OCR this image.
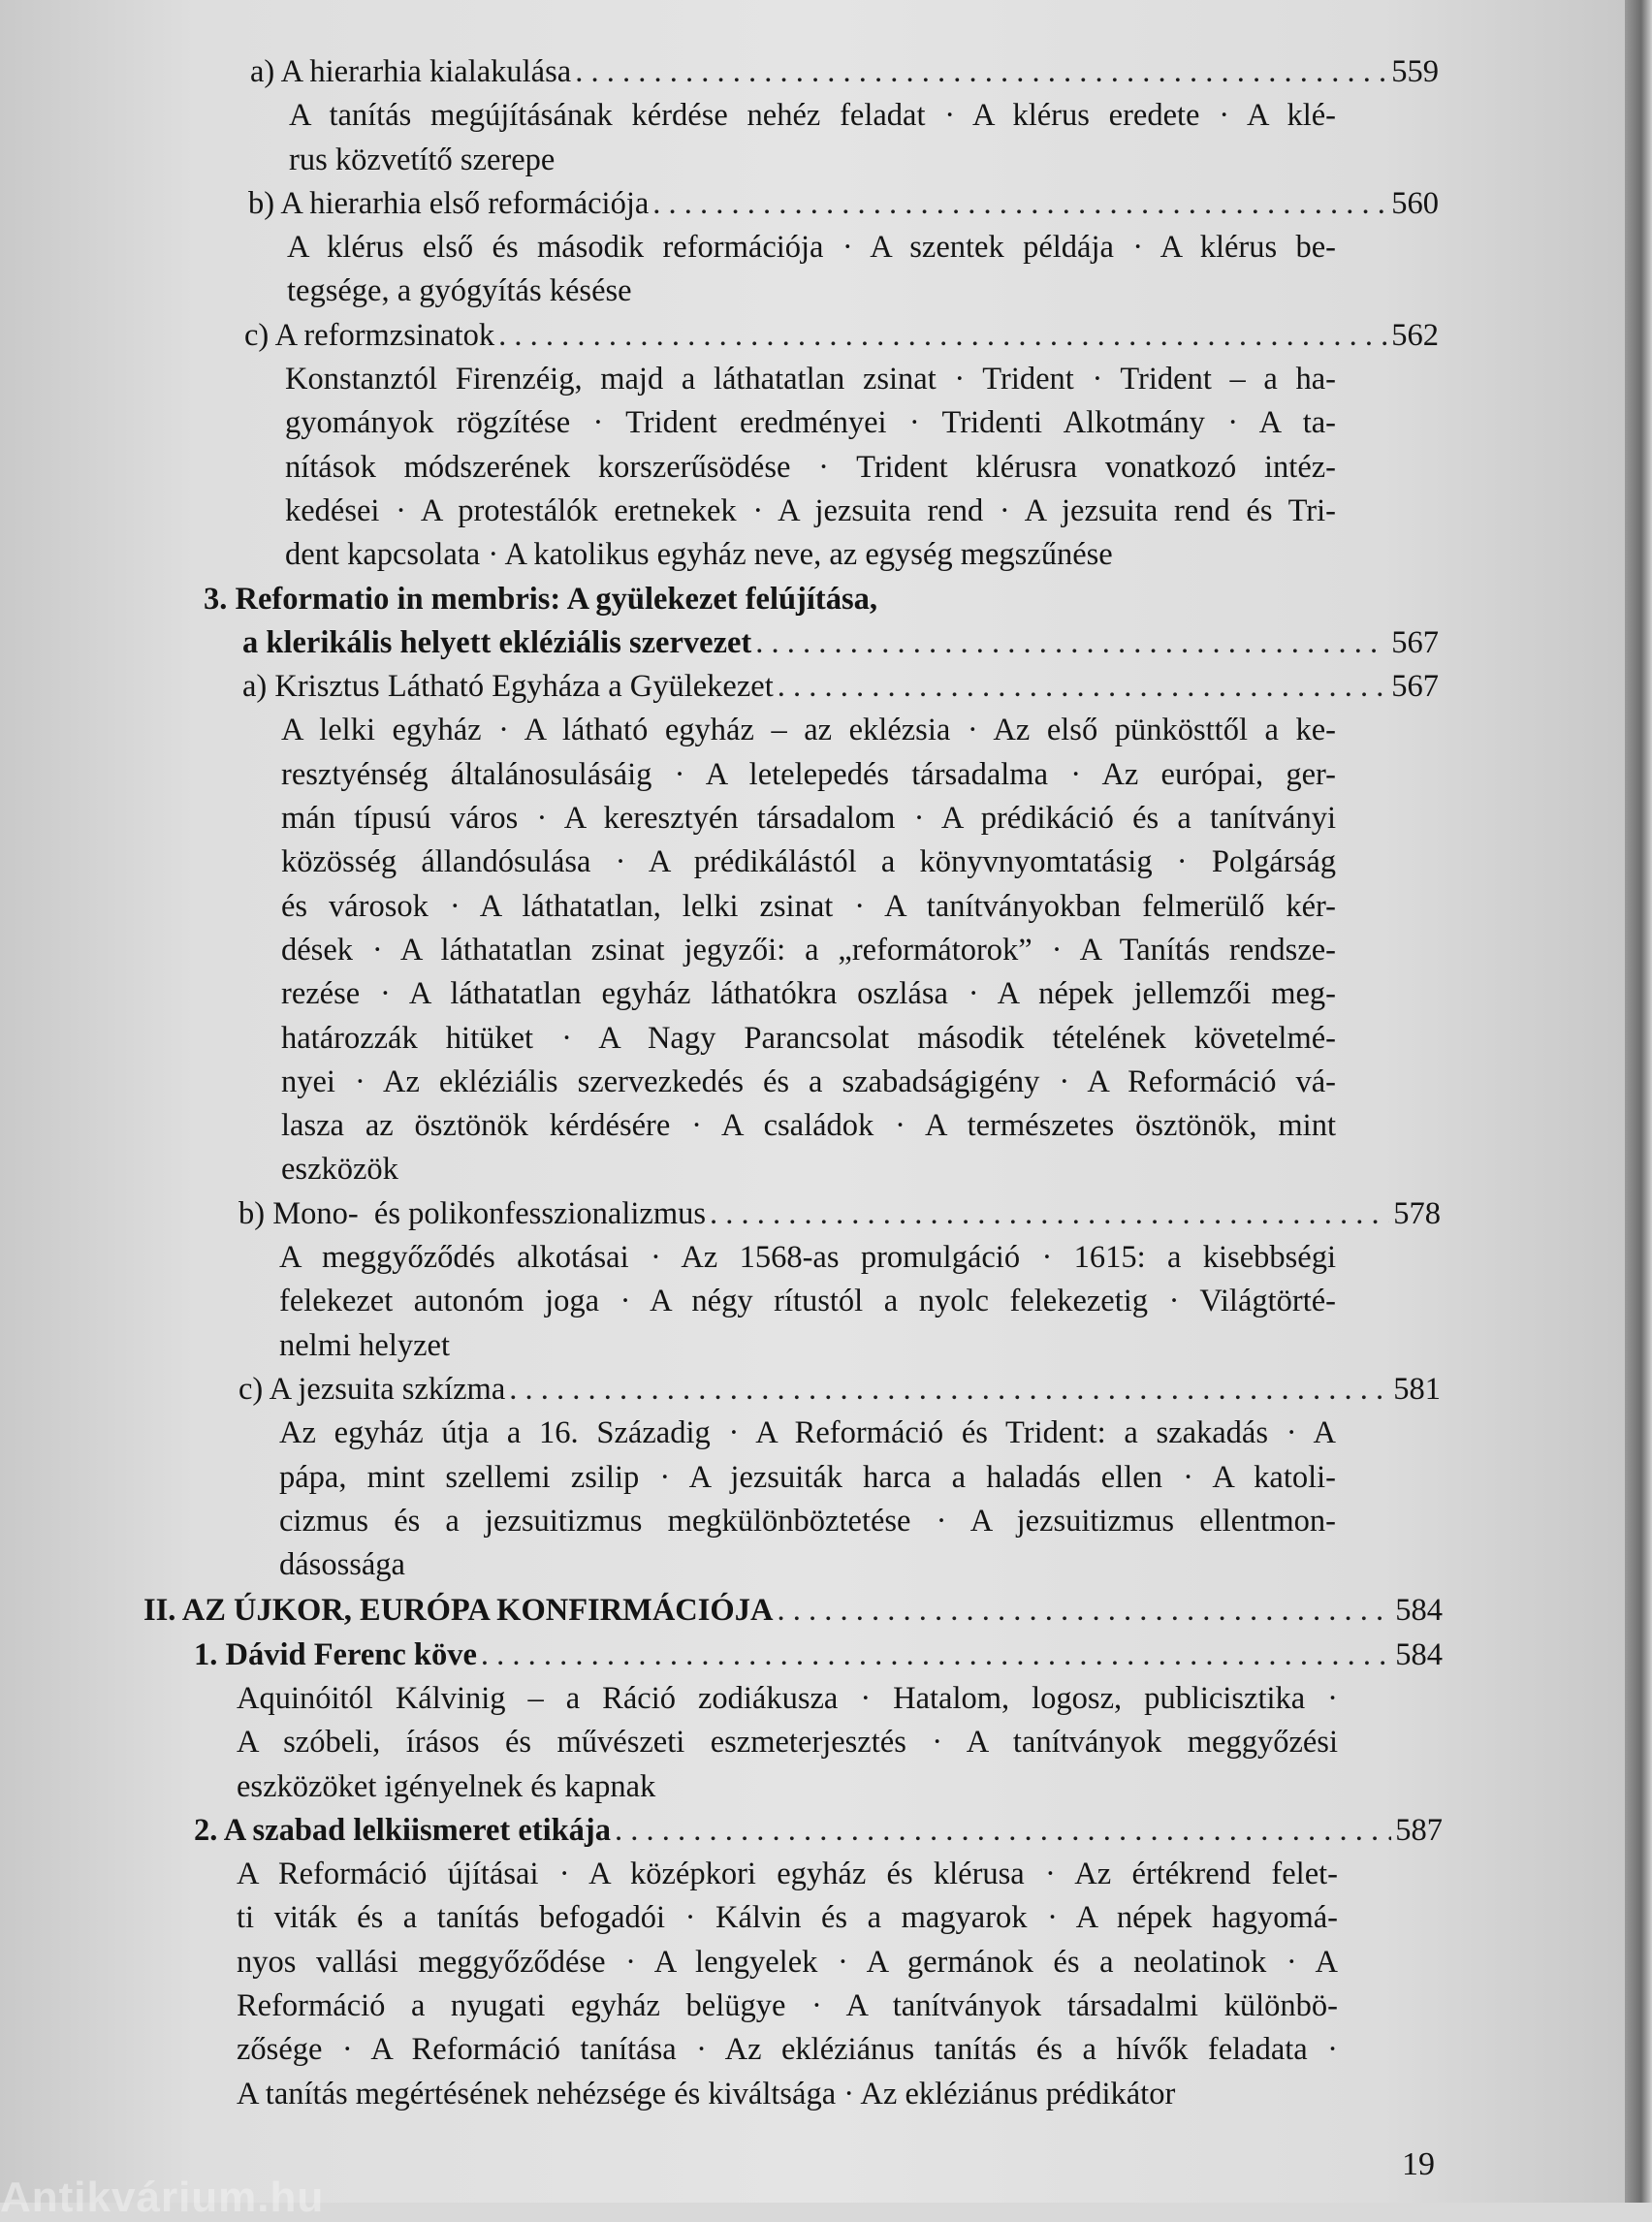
a) A hierarhia kialakulása . . .	559
A tanítás megújításának kérdése nehéz feladat · A klérus eredete · A klé-
rus közvetítő szerepe
b) A hierarhia első reformációja . . .	560
A klérus első és második reformációja · A szentek példája · A klérus be-
tegsége, a gyógyítás késése
c) A reformzsinatok . . .	562
Konstanztól Firenzéig, majd a láthatatlan zsinat · Trident · Trident – a ha-
gyományok rögzítése · Trident eredményei · Tridenti Alkotmány · A ta-
nítások módszerének korszerűsödése · Trident klérusra vonatkozó intéz-
kedései · A protestálók eretnekek · A jezsuita rend · A jezsuita rend és Tri-
dent kapcsolata · A katolikus egyház neve, az egység megszűnése
3. Reformatio in membris: A gyülekezet felújítása,
a klerikális helyett ekléziális szervezet . . .	567
a) Krisztus Látható Egyháza a Gyülekezet . . .	567
A lelki egyház · A látható egyház – az eklézsia · Az első pünkösttől a ke-
resztyénség általánosulásáig · A letelepedés társadalma · Az európai, ger-
mán típusú város · A keresztyén társadalom · A prédikáció és a tanítványi
közösség állandósulása · A prédikálástól a könyvnyomtatásig · Polgárság
és városok · A láthatatlan, lelki zsinat · A tanítványokban felmerülő kér-
dések · A láthatatlan zsinat jegyzői: a „reformátorok” · A Tanítás rendsze-
rezése · A láthatatlan egyház láthatókra oszlása · A népek jellemzői meg-
határozzák hitüket · A Nagy Parancsolat második tételének követelmé-
nyei · Az ekléziális szervezkedés és a szabadságigény · A Reformáció vá-
lasza az ösztönök kérdésére · A családok · A természetes ösztönök, mint
eszközök
b) Mono-  és polikonfesszionalizmus . . .	578
A meggyőződés alkotásai · Az 1568-as promulgáció · 1615: a kisebbségi
felekezet autonóm joga · A négy rítustól a nyolc felekezetig · Világtörté-
nelmi helyzet
c) A jezsuita szkízma . . .	581
Az egyház útja a 16. Századig · A Reformáció és Trident: a szakadás · A
pápa, mint szellemi zsilip · A jezsuiták harca a haladás ellen · A katoli-
cizmus és a jezsuitizmus megkülönböztetése · A jezsuitizmus ellentmon-
dásossága
II. AZ ÚJKOR, EURÓPA KONFIRMÁCIÓJA . . .	584
1. Dávid Ferenc köve . . .	584
Aquinóitól Kálvinig – a Ráció zodiákusza · Hatalom, logosz, publicisztika ·
A szóbeli, írásos és művészeti eszmeterjesztés · A tanítványok meggyőzési
eszközöket igényelnek és kapnak
2. A szabad lelkiismeret etikája . . .	587
A Reformáció újításai · A középkori egyház és klérusa · Az értékrend felet-
ti viták és a tanítás befogadói · Kálvin és a magyarok · A népek hagyomá-
nyos vallási meggyőződése · A lengyelek · A germánok és a neolatinok · A
Reformáció a nyugati egyház belügye · A tanítványok társadalmi különbö-
zősége · A Reformáció tanítása · Az ekléziánus tanítás és a hívők feladata ·
A tanítás megértésének nehézsége és kiváltsága · Az ekléziánus prédikátor
19
Antikvárium.hu
